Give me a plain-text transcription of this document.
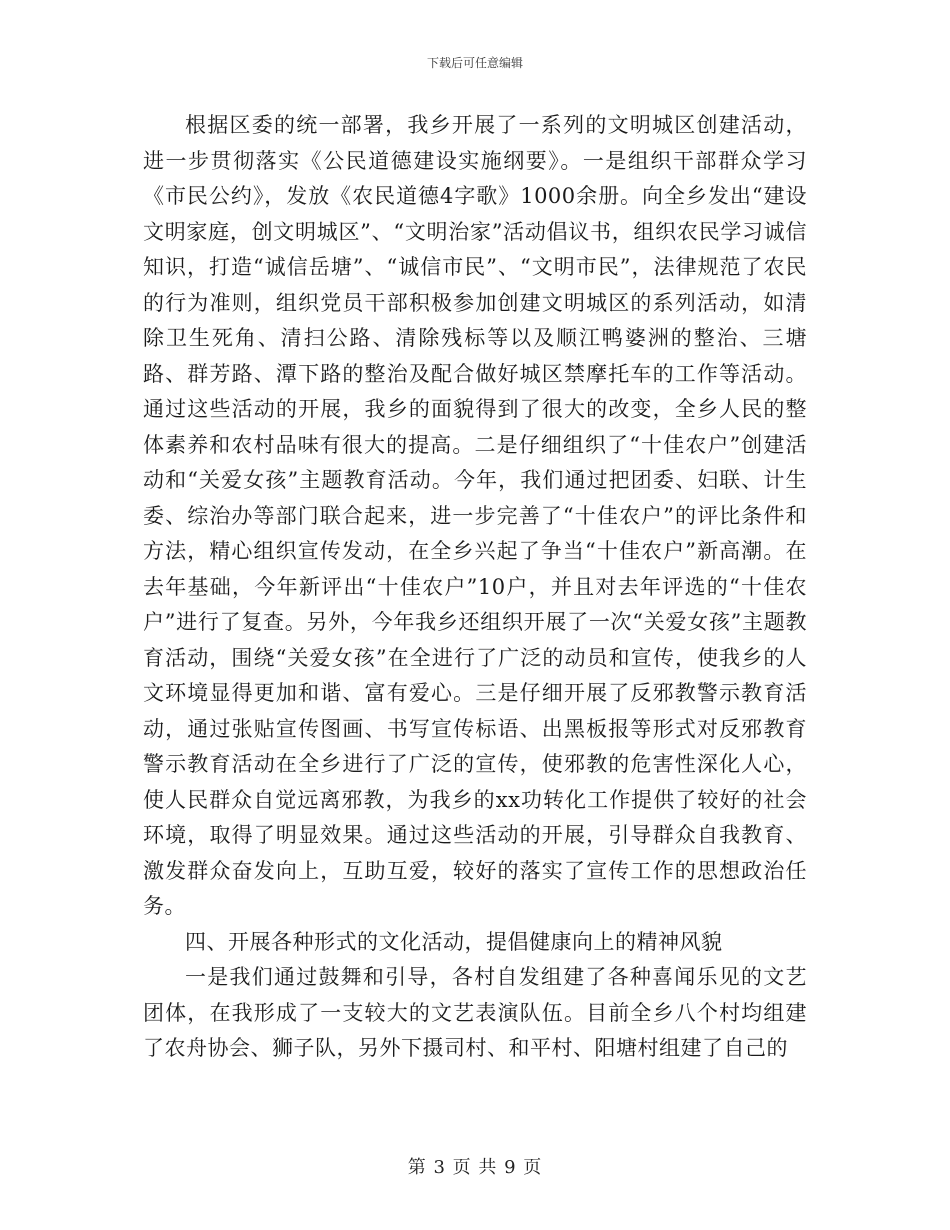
下载后可任意编辑

根据区委的统一部署，我乡开展了一系列的文明城区创建活动，进一步贯彻落实《公民道德建设实施纲要》。一是组织干部群众学习《市民公约》，发放《农民道德4字歌》1000余册。向全乡发出“建设文明家庭，创文明城区”、“文明治家”活动倡议书，组织农民学习诚信知识，打造“诚信岳塘”、“诚信市民”、“文明市民”，法律规范了农民的行为准则，组织党员干部积极参加创建文明城区的系列活动，如清除卫生死角、清扫公路、清除残标等以及顺江鸭婆洲的整治、三塘路、群芳路、潭下路的整治及配合做好城区禁摩托车的工作等活动。通过这些活动的开展，我乡的面貌得到了很大的改变，全乡人民的整体素养和农村品味有很大的提高。二是仔细组织了“十佳农户”创建活动和“关爱女孩”主题教育活动。今年，我们通过把团委、妇联、计生委、综治办等部门联合起来，进一步完善了“十佳农户”的评比条件和方法，精心组织宣传发动，在全乡兴起了争当“十佳农户”新高潮。在去年基础，今年新评出“十佳农户”10户，并且对去年评选的“十佳农户”进行了复查。另外，今年我乡还组织开展了一次“关爱女孩”主题教育活动，围绕“关爱女孩”在全进行了广泛的动员和宣传，使我乡的人文环境显得更加和谐、富有爱心。三是仔细开展了反邪教警示教育活动，通过张贴宣传图画、书写宣传标语、出黑板报等形式对反邪教育警示教育活动在全乡进行了广泛的宣传，使邪教的危害性深化人心，使人民群众自觉远离邪教，为我乡的xx功转化工作提供了较好的社会环境，取得了明显效果。通过这些活动的开展，引导群众自我教育、激发群众奋发向上，互助互爱，较好的落实了宣传工作的思想政治任务。

四、开展各种形式的文化活动，提倡健康向上的精神风貌

一是我们通过鼓舞和引导，各村自发组建了各种喜闻乐见的文艺团体，在我形成了一支较大的文艺表演队伍。目前全乡八个村均组建了农舟协会、狮子队，另外下摄司村、和平村、阳塘村组建了自己的

第 3 页 共 9 页
